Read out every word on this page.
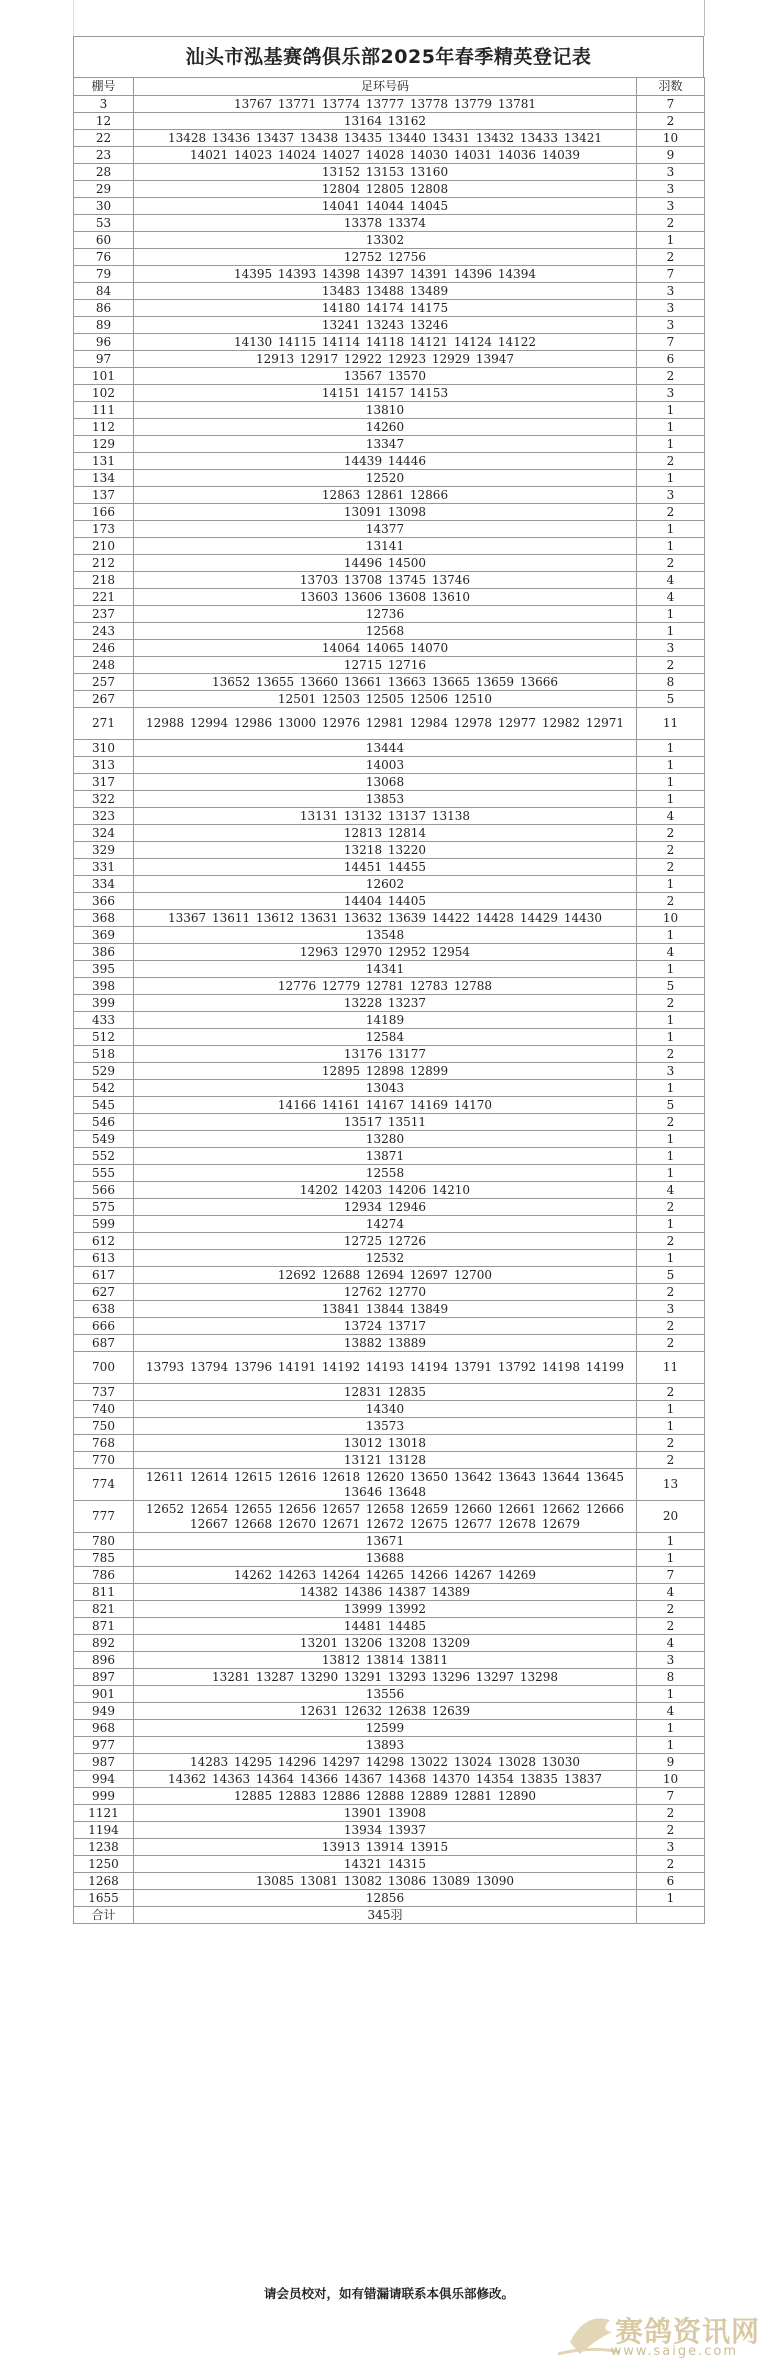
汕头市泓基赛鸽俱乐部2025年春季精英登记表
棚号	足环号码	羽数
3	13767 13771 13774 13777 13778 13779 13781	7
12	13164 13162	2
22	13428 13436 13437 13438 13435 13440 13431 13432 13433 13421	10
23	14021 14023 14024 14027 14028 14030 14031 14036 14039	9
28	13152 13153 13160	3
29	12804 12805 12808	3
30	14041 14044 14045	3
53	13378 13374	2
60	13302	1
76	12752 12756	2
79	14395 14393 14398 14397 14391 14396 14394	7
84	13483 13488 13489	3
86	14180 14174 14175	3
89	13241 13243 13246	3
96	14130 14115 14114 14118 14121 14124 14122	7
97	12913 12917 12922 12923 12929 13947	6
101	13567 13570	2
102	14151 14157 14153	3
111	13810	1
112	14260	1
129	13347	1
131	14439 14446	2
134	12520	1
137	12863 12861 12866	3
166	13091 13098	2
173	14377	1
210	13141	1
212	14496 14500	2
218	13703 13708 13745 13746	4
221	13603 13606 13608 13610	4
237	12736	1
243	12568	1
246	14064 14065 14070	3
248	12715 12716	2
257	13652 13655 13660 13661 13663 13665 13659 13666	8
267	12501 12503 12505 12506 12510	5
271	12988 12994 12986 13000 12976 12981 12984 12978 12977 12982 12971	11
310	13444	1
313	14003	1
317	13068	1
322	13853	1
323	13131 13132 13137 13138	4
324	12813 12814	2
329	13218 13220	2
331	14451 14455	2
334	12602	1
366	14404 14405	2
368	13367 13611 13612 13631 13632 13639 14422 14428 14429 14430	10
369	13548	1
386	12963 12970 12952 12954	4
395	14341	1
398	12776 12779 12781 12783 12788	5
399	13228 13237	2
433	14189	1
512	12584	1
518	13176 13177	2
529	12895 12898 12899	3
542	13043	1
545	14166 14161 14167 14169 14170	5
546	13517 13511	2
549	13280	1
552	13871	1
555	12558	1
566	14202 14203 14206 14210	4
575	12934 12946	2
599	14274	1
612	12725 12726	2
613	12532	1
617	12692 12688 12694 12697 12700	5
627	12762 12770	2
638	13841 13844 13849	3
666	13724 13717	2
687	13882 13889	2
700	13793 13794 13796 14191 14192 14193 14194 13791 13792 14198 14199	11
737	12831 12835	2
740	14340	1
750	13573	1
768	13012 13018	2
770	13121 13128	2
774	12611 12614 12615 12616 12618 12620 13650 13642 13643 13644 13645 13646 13648	13
777	12652 12654 12655 12656 12657 12658 12659 12660 12661 12662 12666 12667 12668 12670 12671 12672 12675 12677 12678 12679	20
780	13671	1
785	13688	1
786	14262 14263 14264 14265 14266 14267 14269	7
811	14382 14386 14387 14389	4
821	13999 13992	2
871	14481 14485	2
892	13201 13206 13208 13209	4
896	13812 13814 13811	3
897	13281 13287 13290 13291 13293 13296 13297 13298	8
901	13556	1
949	12631 12632 12638 12639	4
968	12599	1
977	13893	1
987	14283 14295 14296 14297 14298 13022 13024 13028 13030	9
994	14362 14363 14364 14366 14367 14368 14370 14354 13835 13837	10
999	12885 12883 12886 12888 12889 12881 12890	7
1121	13901 13908	2
1194	13934 13937	2
1238	13913 13914 13915	3
1250	14321 14315	2
1268	13085 13081 13082 13086 13089 13090	6
1655	12856	1
合计	345羽	
请会员校对，如有错漏请联系本俱乐部修改。
赛鸽资讯网
www.saige.com
